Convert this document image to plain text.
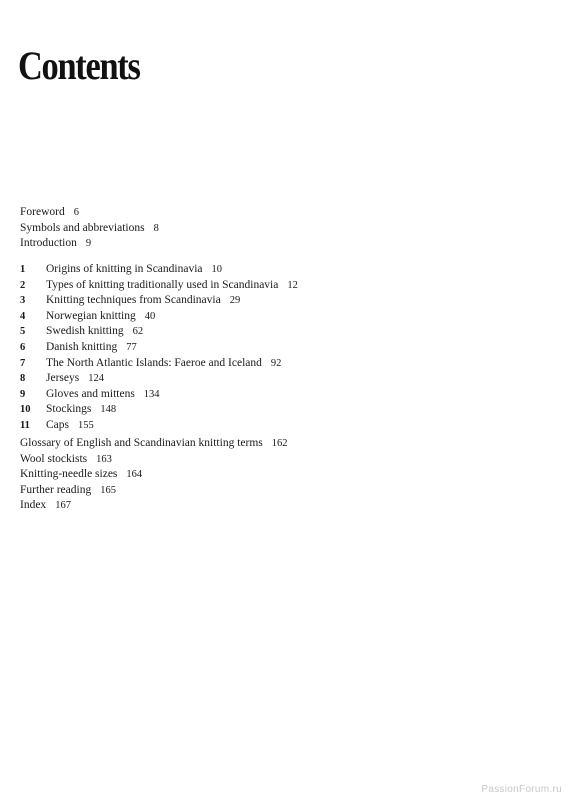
Contents
Foreword 6
Symbols and abbreviations 8
Introduction 9
1 Origins of knitting in Scandinavia 10
2 Types of knitting traditionally used in Scandinavia 12
3 Knitting techniques from Scandinavia 29
4 Norwegian knitting 40
5 Swedish knitting 62
6 Danish knitting 77
7 The North Atlantic Islands: Faeroe and Iceland 92
8 Jerseys 124
9 Gloves and mittens 134
10 Stockings 148
11 Caps 155
Glossary of English and Scandinavian knitting terms 162
Wool stockists 163
Knitting-needle sizes 164
Further reading 165
Index 167
PassionForum.ru
